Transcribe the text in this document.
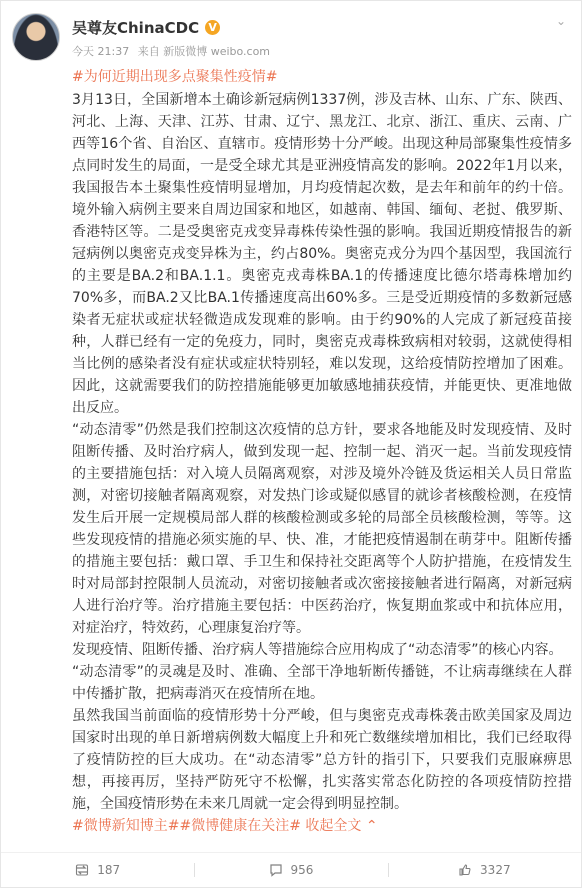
吴尊友ChinaCDC V
今天 21:37 来自 新版微博 weibo.com
⌄
#为何近期出现多点聚集性疫情#

3月13日，全国新增本土确诊新冠病例1337例，涉及吉林、山东、广东、陕西、河北、上海、天津、江苏、甘肃、辽宁、黑龙江、北京、浙江、重庆、云南、广西等16个省、自治区、直辖市。疫情形势十分严峻。出现这种局部聚集性疫情多点同时发生的局面，一是受全球尤其是亚洲疫情高发的影响。2022年1月以来，我国报告本土聚集性疫情明显增加，月均疫情起次数，是去年和前年的约十倍。境外输入病例主要来自周边国家和地区，如越南、韩国、缅甸、老挝、俄罗斯、香港特区等。二是受奥密克戎变异毒株传染性强的影响。我国近期疫情报告的新冠病例以奥密克戎变异株为主，约占80%。奥密克戎分为四个基因型，我国流行的主要是BA.2和BA.1.1。奥密克戎毒株BA.1的传播速度比德尔塔毒株增加约70%多，而BA.2又比BA.1传播速度高出60%多。三是受近期疫情的多数新冠感染者无症状或症状轻微造成发现难的影响。由于约90%的人完成了新冠疫苗接种，人群已经有一定的免疫力，同时，奥密克戎毒株致病相对较弱，这就使得相当比例的感染者没有症状或症状特别轻，难以发现，这给疫情防控增加了困难。因此，这就需要我们的防控措施能够更加敏感地捕获疫情，并能更快、更准地做出反应。

“动态清零”仍然是我们控制这次疫情的总方针，要求各地能及时发现疫情、及时阻断传播、及时治疗病人，做到发现一起、控制一起、消灭一起。当前发现疫情的主要措施包括：对入境人员隔离观察，对涉及境外冷链及货运相关人员日常监测，对密切接触者隔离观察，对发热门诊或疑似感冒的就诊者核酸检测，在疫情发生后开展一定规模局部人群的核酸检测或多轮的局部全员核酸检测，等等。这些发现疫情的措施必须实施的早、快、准，才能把疫情遏制在萌芽中。阻断传播的措施主要包括：戴口罩、手卫生和保持社交距离等个人防护措施，在疫情发生时对局部封控限制人员流动，对密切接触者或次密接接触者进行隔离，对新冠病人进行治疗等。治疗措施主要包括：中医药治疗，恢复期血浆或中和抗体应用，对症治疗，特效药，心理康复治疗等。

发现疫情、阻断传播、治疗病人等措施综合应用构成了“动态清零”的核心内容。

“动态清零”的灵魂是及时、准确、全部干净地斩断传播链，不让病毒继续在人群中传播扩散，把病毒消灭在疫情所在地。

虽然我国当前面临的疫情形势十分严峻，但与奥密克戎毒株袭击欧美国家及周边国家时出现的单日新增病例数大幅度上升和死亡数继续增加相比，我们已经取得了疫情防控的巨大成功。在“动态清零”总方针的指引下，只要我们克服麻痹思想，再接再厉，坚持严防死守不松懈，扎实落实常态化防控的各项疫情防控措施，全国疫情形势在未来几周就一定会得到明显控制。

#微博新知博主##微博健康在关注# 收起全文 ⌃

187	956	3327
